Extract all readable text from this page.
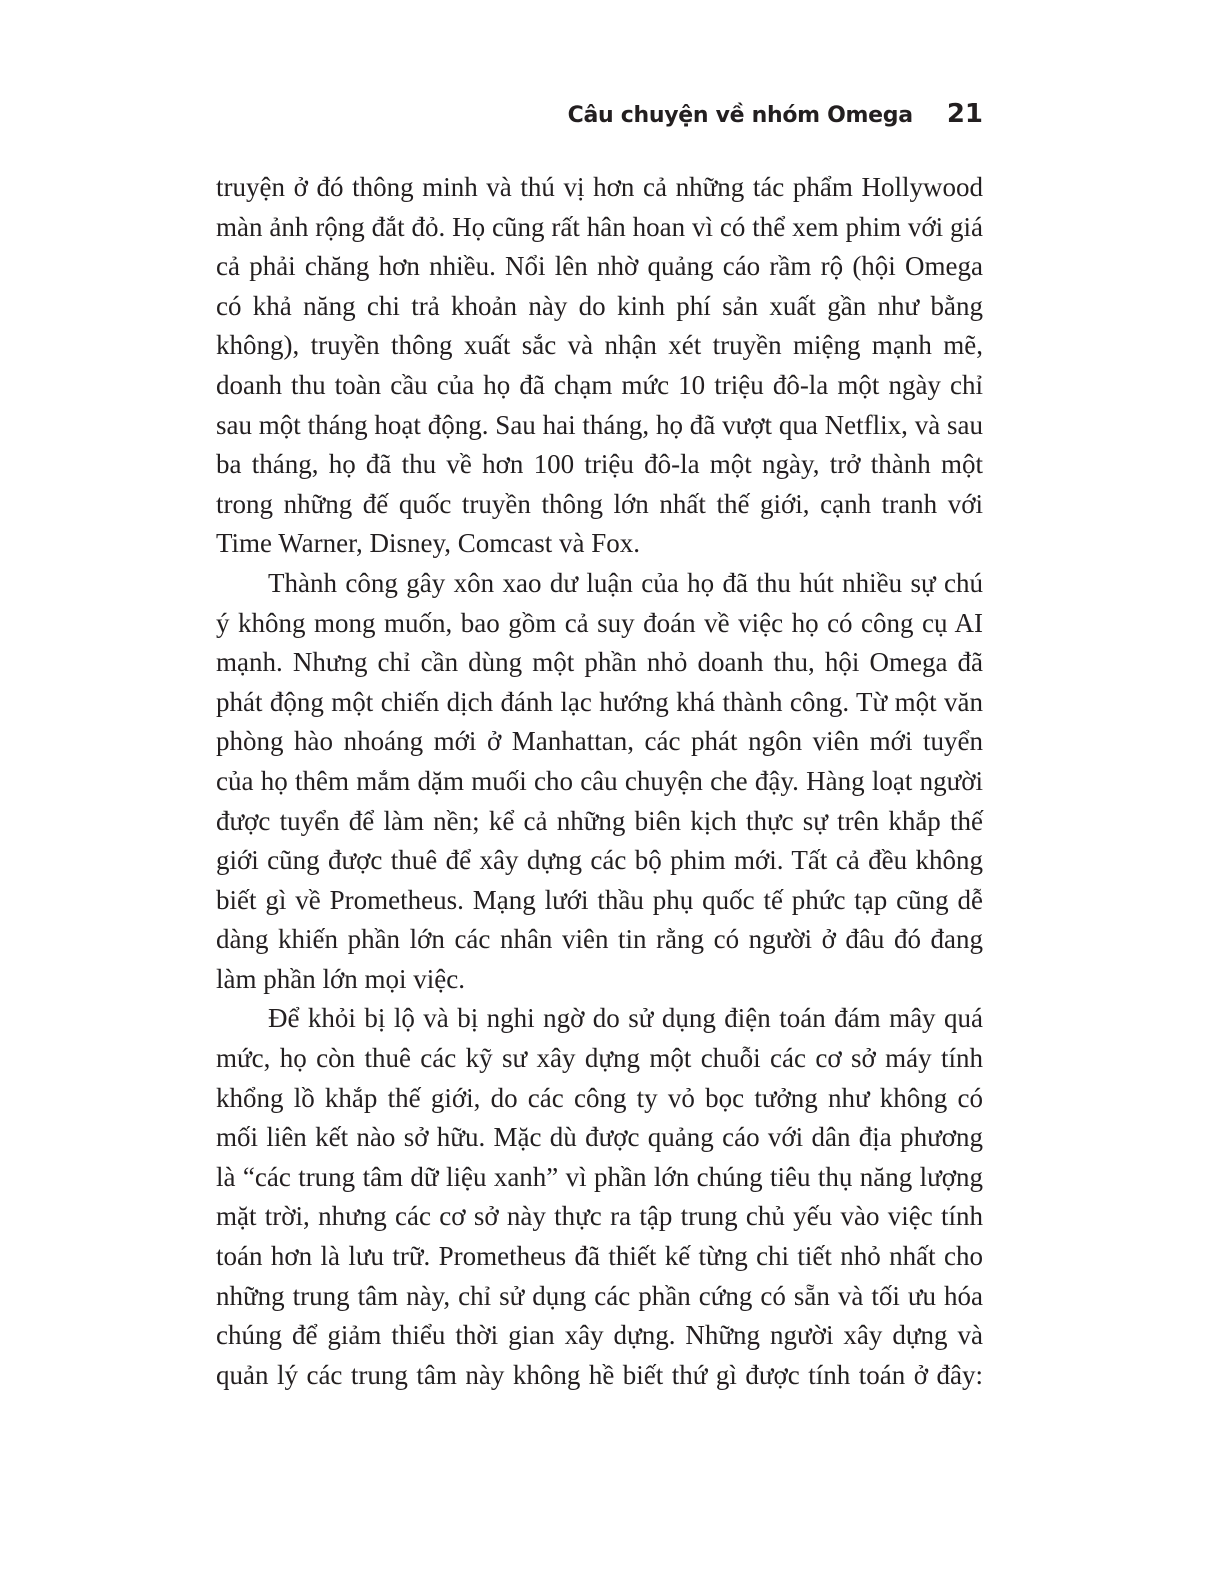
Câu chuyện về nhóm Omega 21
truyện ở đó thông minh và thú vị hơn cả những tác phẩm Hollywood
màn ảnh rộng đắt đỏ. Họ cũng rất hân hoan vì có thể xem phim với giá
cả phải chăng hơn nhiều. Nổi lên nhờ quảng cáo rầm rộ (hội Omega
có khả năng chi trả khoản này do kinh phí sản xuất gần như bằng
không), truyền thông xuất sắc và nhận xét truyền miệng mạnh mẽ,
doanh thu toàn cầu của họ đã chạm mức 10 triệu đô-la một ngày chỉ
sau một tháng hoạt động. Sau hai tháng, họ đã vượt qua Netflix, và sau
ba tháng, họ đã thu về hơn 100 triệu đô-la một ngày, trở thành một
trong những đế quốc truyền thông lớn nhất thế giới, cạnh tranh với
Time Warner, Disney, Comcast và Fox.
Thành công gây xôn xao dư luận của họ đã thu hút nhiều sự chú
ý không mong muốn, bao gồm cả suy đoán về việc họ có công cụ AI
mạnh. Nhưng chỉ cần dùng một phần nhỏ doanh thu, hội Omega đã
phát động một chiến dịch đánh lạc hướng khá thành công. Từ một văn
phòng hào nhoáng mới ở Manhattan, các phát ngôn viên mới tuyển
của họ thêm mắm dặm muối cho câu chuyện che đậy. Hàng loạt người
được tuyển để làm nền; kể cả những biên kịch thực sự trên khắp thế
giới cũng được thuê để xây dựng các bộ phim mới. Tất cả đều không
biết gì về Prometheus. Mạng lưới thầu phụ quốc tế phức tạp cũng dễ
dàng khiến phần lớn các nhân viên tin rằng có người ở đâu đó đang
làm phần lớn mọi việc.
Để khỏi bị lộ và bị nghi ngờ do sử dụng điện toán đám mây quá
mức, họ còn thuê các kỹ sư xây dựng một chuỗi các cơ sở máy tính
khổng lồ khắp thế giới, do các công ty vỏ bọc tưởng như không có
mối liên kết nào sở hữu. Mặc dù được quảng cáo với dân địa phương
là “các trung tâm dữ liệu xanh” vì phần lớn chúng tiêu thụ năng lượng
mặt trời, nhưng các cơ sở này thực ra tập trung chủ yếu vào việc tính
toán hơn là lưu trữ. Prometheus đã thiết kế từng chi tiết nhỏ nhất cho
những trung tâm này, chỉ sử dụng các phần cứng có sẵn và tối ưu hóa
chúng để giảm thiểu thời gian xây dựng. Những người xây dựng và
quản lý các trung tâm này không hề biết thứ gì được tính toán ở đây:
